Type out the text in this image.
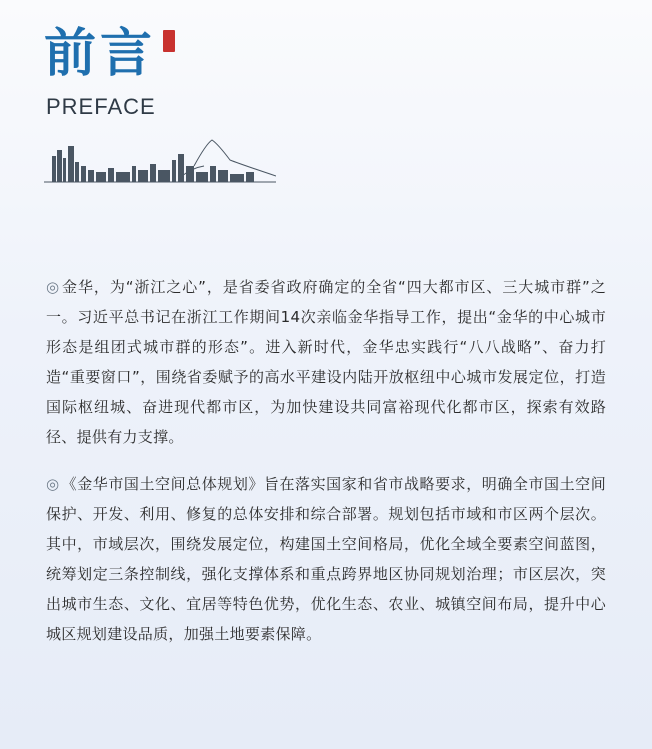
前言
PREFACE

◎ 金华，为“浙江之心”，是省委省政府确定的全省“四大都市区、三大城市群”之一。习近平总书记在浙江工作期间14次亲临金华指导工作，提出“金华的中心城市形态是组团式城市群的形态”。进入新时代，金华忠实践行“八八战略”、奋力打造“重要窗口”，围绕省委赋予的高水平建设内陆开放枢纽中心城市发展定位，打造国际枢纽城、奋进现代都市区，为加快建设共同富裕现代化都市区，探索有效路径、提供有力支撑。

◎ 《金华市国土空间总体规划》旨在落实国家和省市战略要求，明确全市国土空间保护、开发、利用、修复的总体安排和综合部署。规划包括市域和市区两个层次。其中，市域层次，围绕发展定位，构建国土空间格局，优化全域全要素空间蓝图，统筹划定三条控制线，强化支撑体系和重点跨界地区协同规划治理；市区层次，突出城市生态、文化、宜居等特色优势，优化生态、农业、城镇空间布局，提升中心城区规划建设品质，加强土地要素保障。
